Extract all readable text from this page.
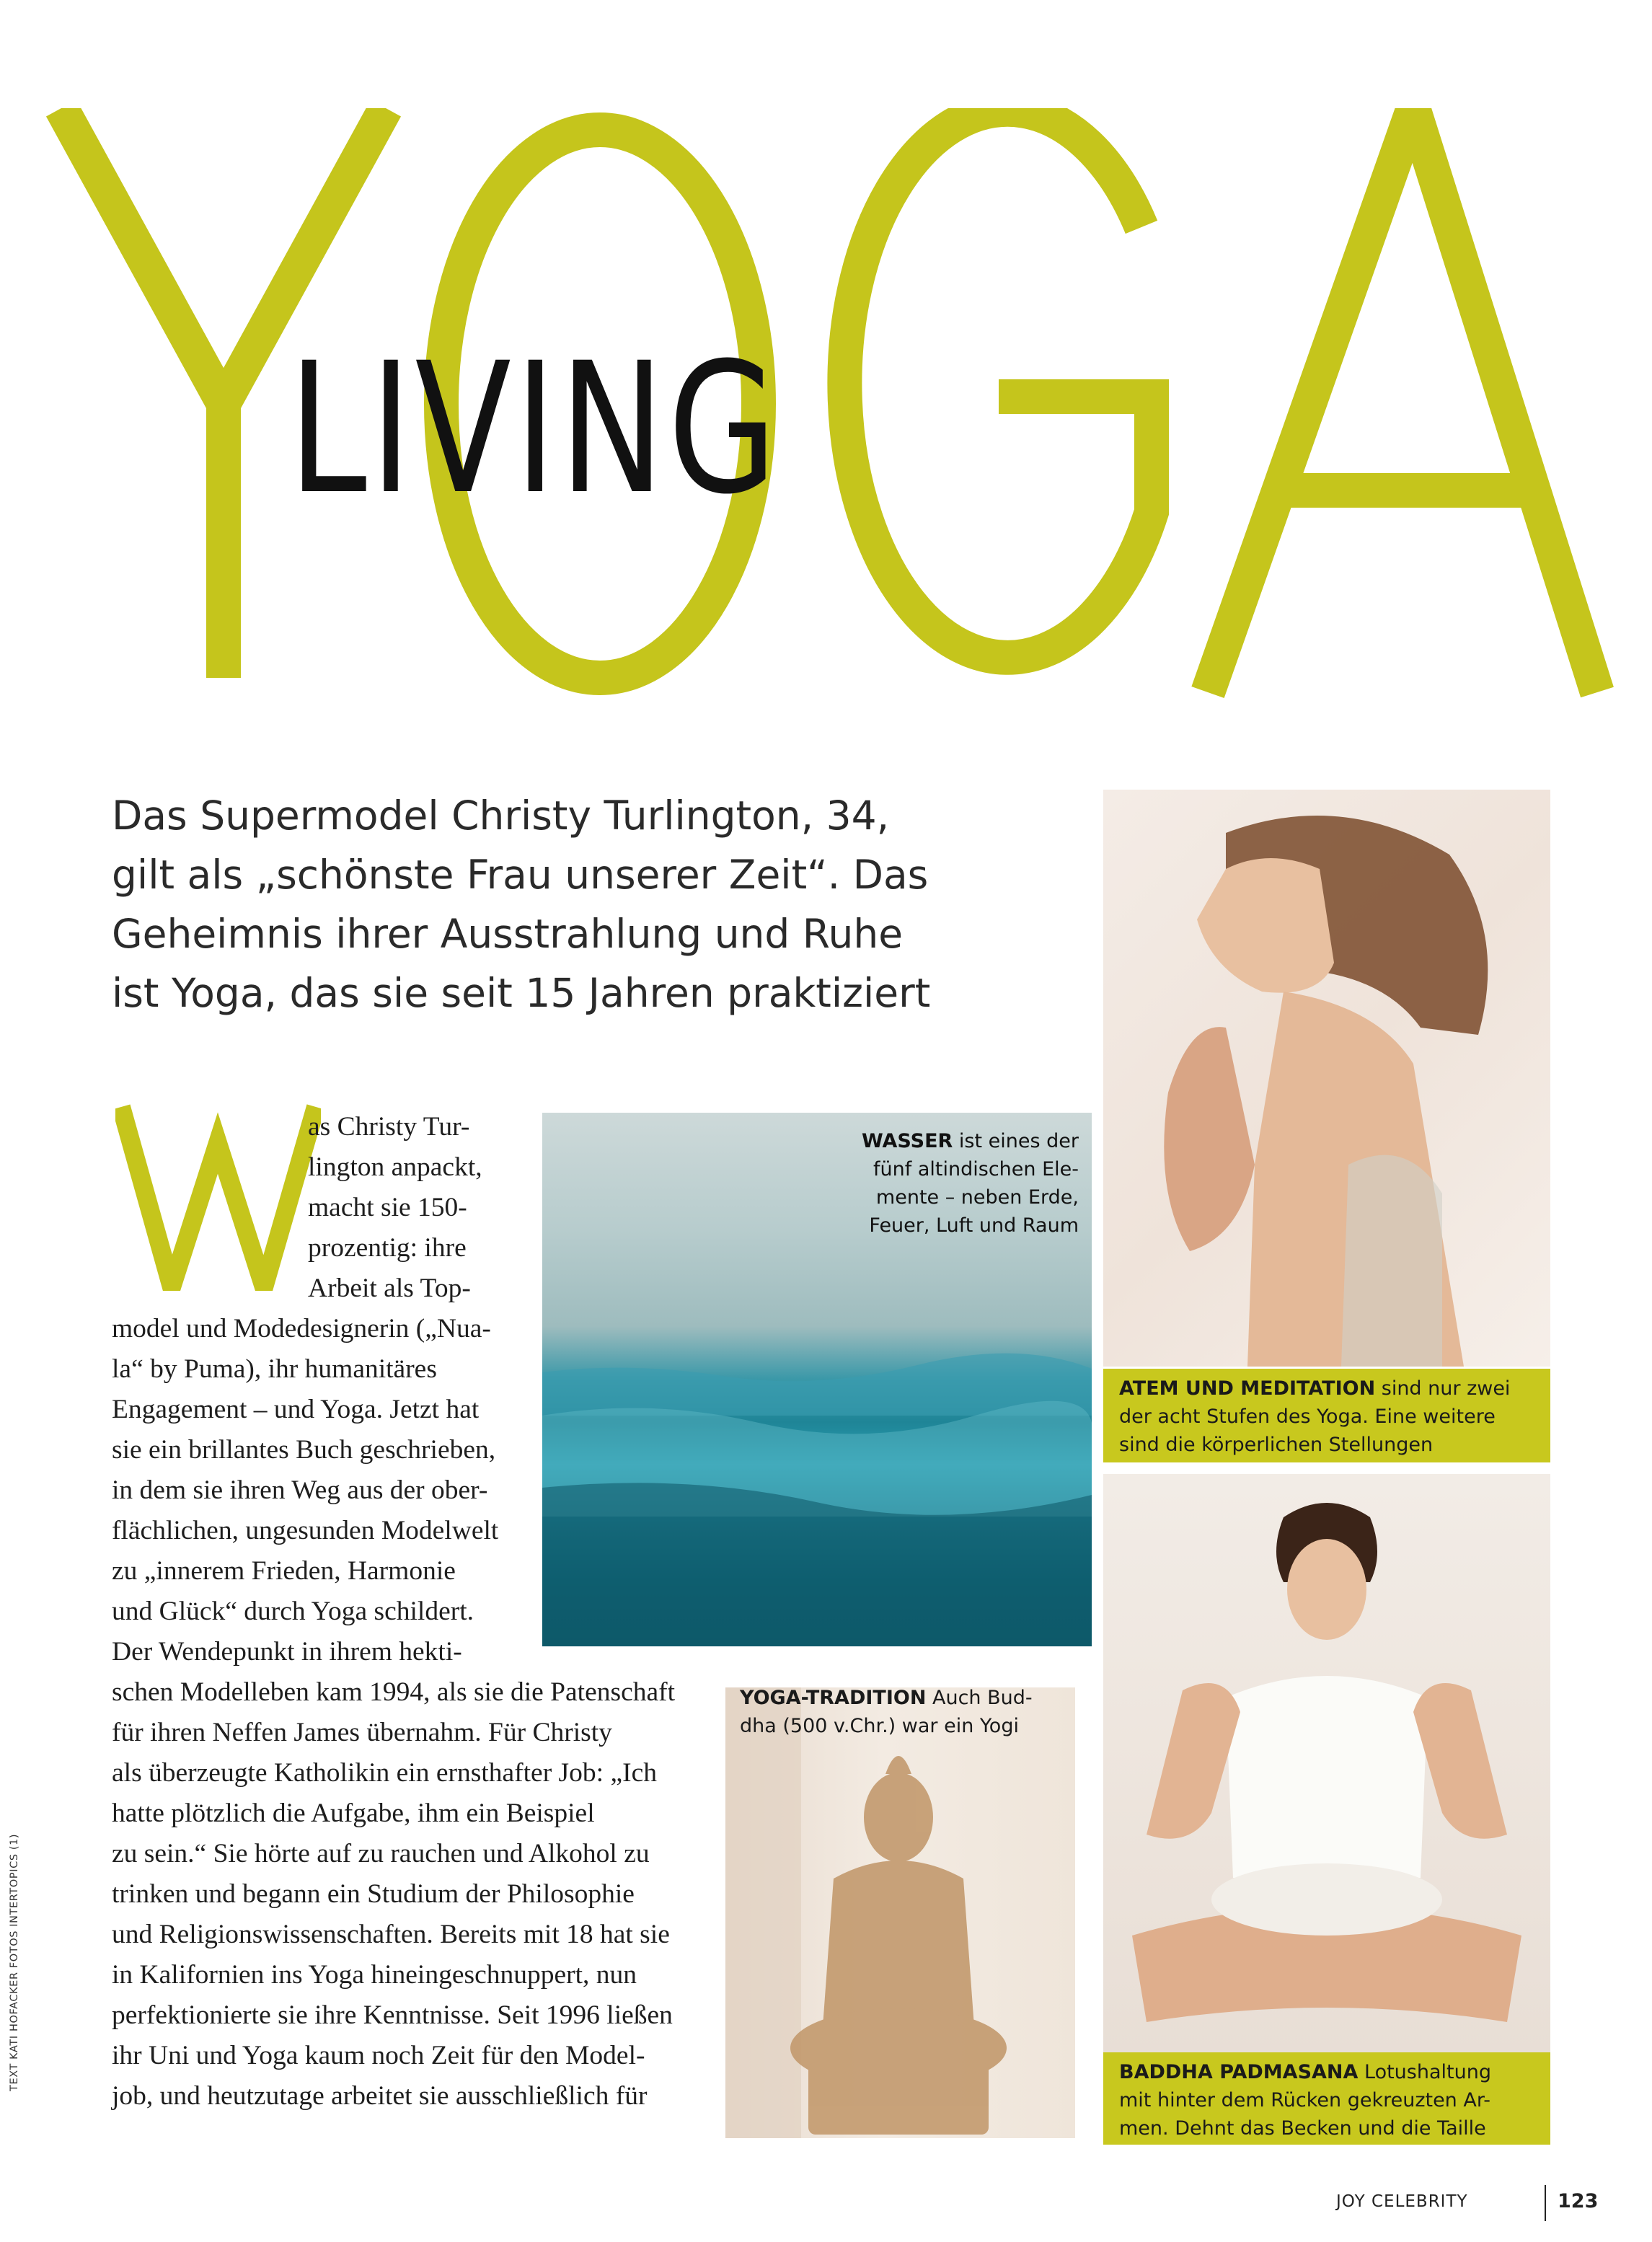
YOGA
LIVING
Das Supermodel Christy Turlington, 34,
gilt als „schönste Frau unserer Zeit“. Das
Geheimnis ihrer Ausstrahlung und Ruhe
ist Yoga, das sie seit 15 Jahren praktiziert
W
as Christy Tur-
lington anpackt,
macht sie 150-
prozentig: ihre
Arbeit als Top-
model und Modedesignerin („Nua-
la“ by Puma), ihr humanitäres
Engagement – und Yoga. Jetzt hat
sie ein brillantes Buch geschrieben,
in dem sie ihren Weg aus der ober-
flächlichen, ungesunden Modelwelt
zu „innerem Frieden, Harmonie
und Glück“ durch Yoga schildert.
Der Wendepunkt in ihrem hekti-
schen Modelleben kam 1994, als sie die Patenschaft
für ihren Neffen James übernahm. Für Christy
als überzeugte Katholikin ein ernsthafter Job: „Ich
hatte plötzlich die Aufgabe, ihm ein Beispiel
zu sein.“ Sie hörte auf zu rauchen und Alkohol zu
trinken und begann ein Studium der Philosophie
und Religionswissenschaften. Bereits mit 18 hat sie
in Kalifornien ins Yoga hineingeschnuppert, nun
perfektionierte sie ihre Kenntnisse. Seit 1996 ließen
ihr Uni und Yoga kaum noch Zeit für den Model-
job, und heutzutage arbeitet sie ausschließlich für
WASSER ist eines der
fünf altindischen Ele-
mente – neben Erde,
Feuer, Luft und Raum
YOGA-TRADITION Auch Bud-
dha (500 v.Chr.) war ein Yogi
ATEM UND MEDITATION sind nur zwei
der acht Stufen des Yoga. Eine weitere
sind die körperlichen Stellungen
BADDHA PADMASANA Lotushaltung
mit hinter dem Rücken gekreuzten Ar-
men. Dehnt das Becken und die Taille
TEXT KATI HOFACKER FOTOS INTERTOPICS (1)
JOY CELEBRITY	123
